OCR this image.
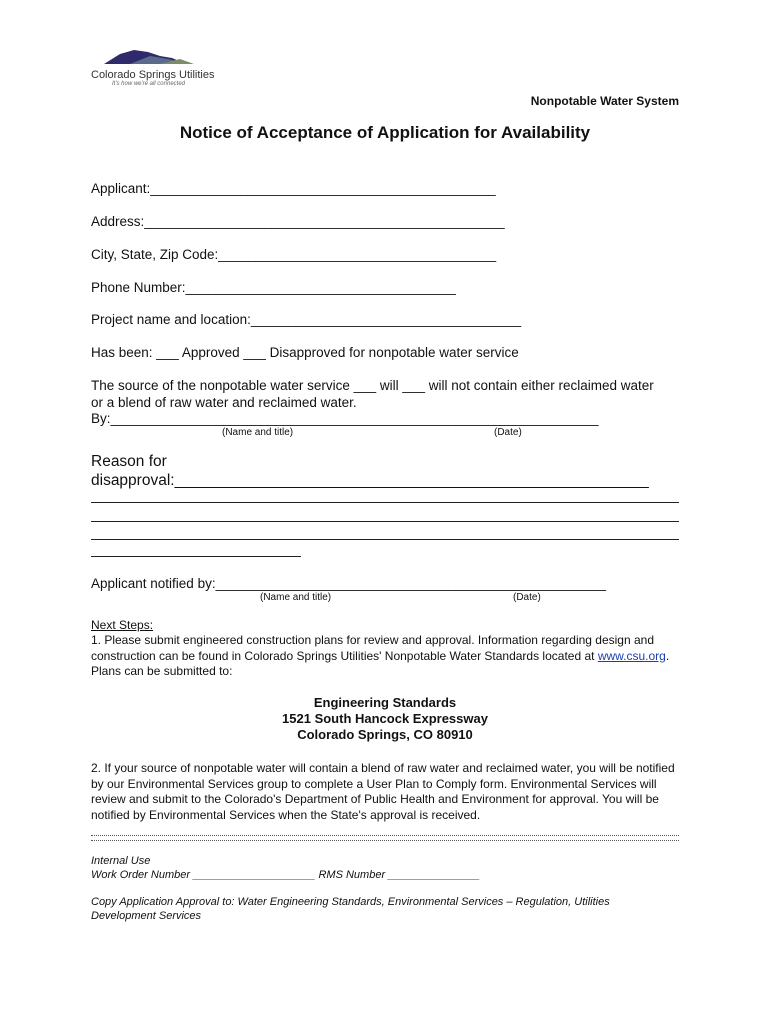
Colorado Springs Utilities
It's how we're all connected
Nonpotable Water System
Notice of Acceptance of Application for Availability
Applicant:______________________________________________
Address:________________________________________________
City, State, Zip Code:_____________________________________
Phone Number:____________________________________
Project name and location:____________________________________
Has been: ___ Approved ___ Disapproved for nonpotable water service
The source of the nonpotable water service ___ will ___ will not contain either reclaimed water
or a blend of raw water and reclaimed water.
By:_________________________________________________________________
(Name and title)	(Date)
Reason for
disapproval:_______________________________________________________
Applicant notified by:____________________________________________________
(Name and title)	(Date)
Next Steps:
1. Please submit engineered construction plans for review and approval. Information regarding design and construction can be found in Colorado Springs Utilities' Nonpotable Water Standards located at www.csu.org. Plans can be submitted to:
Engineering Standards
1521 South Hancock Expressway
Colorado Springs, CO 80910
2. If your source of nonpotable water will contain a blend of raw water and reclaimed water, you will be notified by our Environmental Services group to complete a User Plan to Comply form. Environmental Services will review and submit to the Colorado's Department of Public Health and Environment for approval. You will be notified by Environmental Services when the State's approval is received.
Internal Use
Work Order Number ____________________ RMS Number _______________
Copy Application Approval to: Water Engineering Standards, Environmental Services – Regulation, Utilities
Development Services
